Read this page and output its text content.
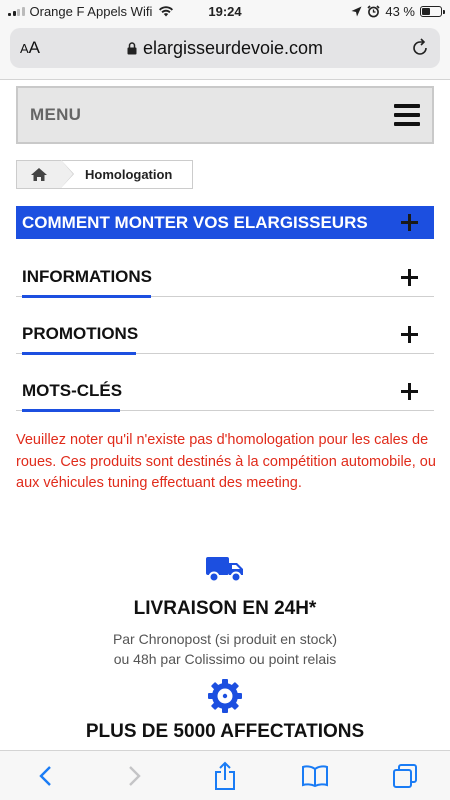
Orange F Appels Wifi	19:24	43 %
AA	elargisseurdevoie.com
MENU
Homologation
COMMENT MONTER VOS ELARGISSEURS
INFORMATIONS
PROMOTIONS
MOTS-CLÉS

Veuillez noter qu'il n'existe pas d'homologation pour les cales de roues. Ces produits sont destinés à la compétition automobile, ou aux véhicules tuning effectuant des meeting.

LIVRAISON EN 24H*
Par Chronopost (si produit en stock)
ou 48h par Colissimo ou point relais
PLUS DE 5000 AFFECTATIONS
